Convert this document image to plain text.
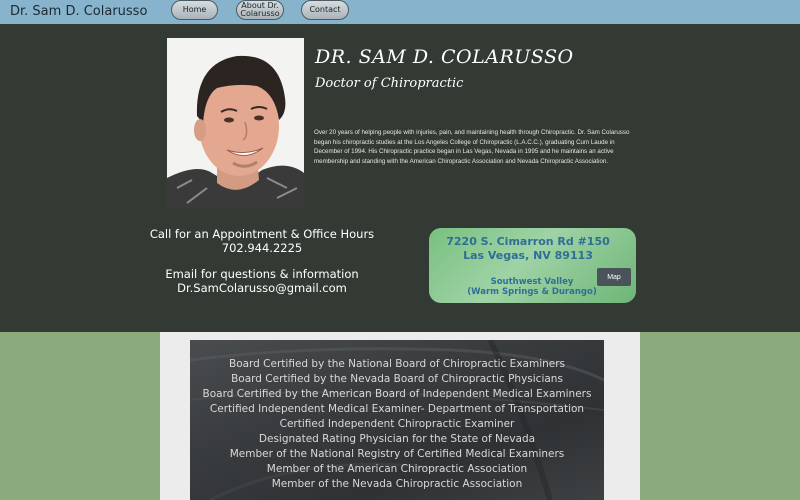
Dr. Sam D. Colarusso	Home	About Dr.
Colarusso	Contact
DR. SAM D. COLARUSSO
Doctor of Chiropractic
Over 20 years of helping people with injuries, pain, and maintaining health through Chiropractic. Dr. Sam Colarusso began his chiropractic studies at the Los Angeles College of Chiropractic (L.A.C.C.), graduating Cum Laude in December of 1994. His Chiropractic practice began in Las Vegas, Nevada in 1995 and he maintains an active membership and standing with the American Chiropractic Association and Nevada Chiropractic Association.
Call for an Appointment & Office Hours
702.944.2225
Email for questions & information
Dr.SamColarusso@gmail.com
7220 S. Cimarron Rd #150
Las Vegas, NV 89113
Southwest Valley
(Warm Springs & Durango)
Map
Board Certified by the National Board of Chiropractic Examiners
Board Certified by the Nevada Board of Chiropractic Physicians
Board Certified by the American Board of Independent Medical Examiners
Certified Independent Medical Examiner- Department of Transportation
Certified Independent Chiropractic Examiner
Designated Rating Physician for the State of Nevada
Member of the National Registry of Certified Medical Examiners
Member of the American Chiropractic Association
Member of the Nevada Chiropractic Association
